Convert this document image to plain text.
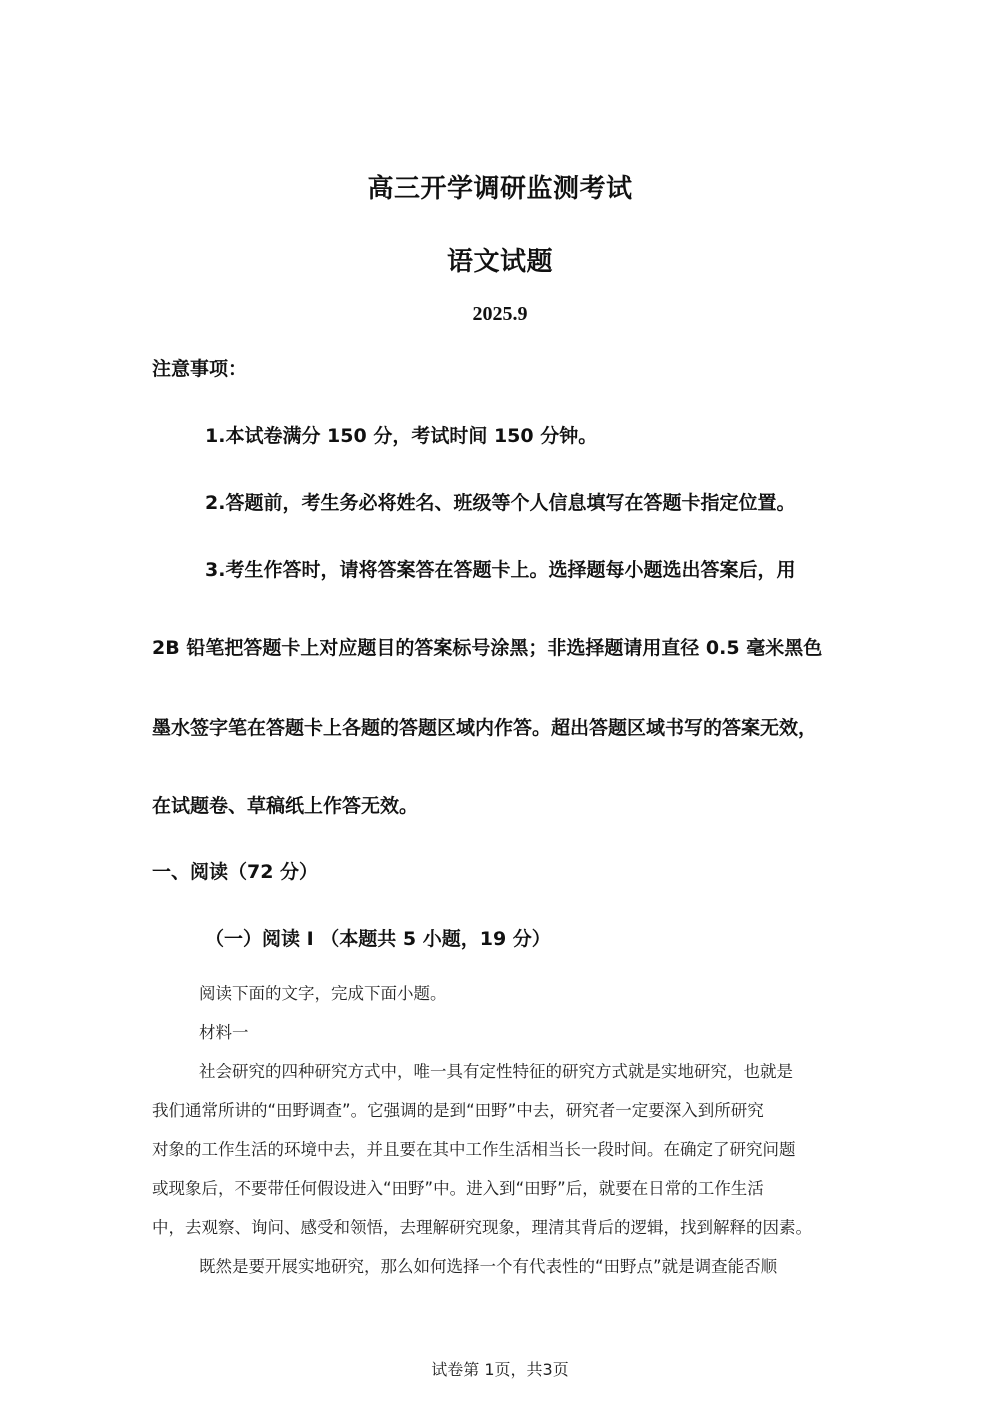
高三开学调研监测考试
语文试题
2025.9
注意事项：
1.本试卷满分 150 分，考试时间 150 分钟。
2.答题前，考生务必将姓名、班级等个人信息填写在答题卡指定位置。
3.考生作答时，请将答案答在答题卡上。选择题每小题选出答案后，用
2B 铅笔把答题卡上对应题目的答案标号涂黑；非选择题请用直径 0.5 毫米黑色
墨水签字笔在答题卡上各题的答题区域内作答。超出答题区域书写的答案无效，
在试题卷、草稿纸上作答无效。
一、阅读（72 分）
（一）阅读 I （本题共 5 小题，19 分）
阅读下面的文字，完成下面小题。
材料一
社会研究的四种研究方式中，唯一具有定性特征的研究方式就是实地研究，也就是
我们通常所讲的“田野调查”。它强调的是到“田野”中去，研究者一定要深入到所研究
对象的工作生活的环境中去，并且要在其中工作生活相当长一段时间。在确定了研究问题
或现象后，不要带任何假设进入“田野”中。进入到“田野”后，就要在日常的工作生活
中，去观察、询问、感受和领悟，去理解研究现象，理清其背后的逻辑，找到解释的因素。
既然是要开展实地研究，那么如何选择一个有代表性的“田野点”就是调查能否顺
试卷第 1页，共3页
